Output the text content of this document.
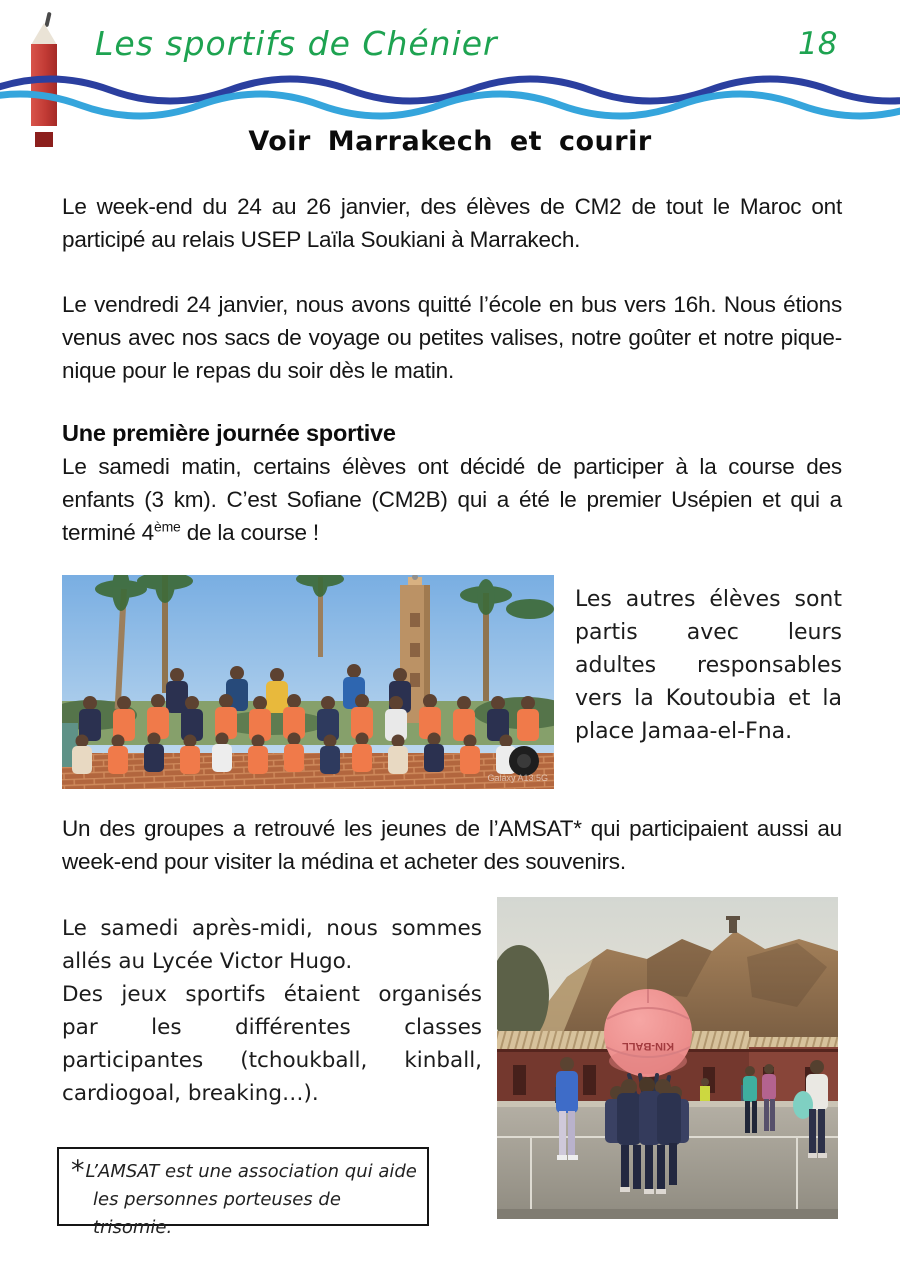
Les sportifs de Chénier	18
Voir Marrakech et courir
Le week-end du 24 au 26 janvier, des élèves de CM2 de tout le Maroc ont participé au relais USEP Laïla Soukiani à Marrakech.
Le vendredi 24 janvier, nous avons quitté l’école en bus vers 16h. Nous étions venus avec nos sacs de voyage ou petites valises, notre goûter et notre pique-nique pour le repas du soir dès le matin.
Une première journée sportive
Le samedi matin, certains élèves ont décidé de participer à la course des enfants (3 km). C’est Sofiane (CM2B) qui a été le premier Usépien et qui a terminé 4ème de la course !
Galaxy A13 5G
Les autres élèves sont
partis avec leurs
adultes responsables
vers la Koutoubia et la
place Jamaa-el-Fna.
Un des groupes a retrouvé les jeunes de l’AMSAT* qui participaient aussi au week-end pour visiter la médina et acheter des souvenirs.
Le samedi après-midi, nous sommes
allés au Lycée Victor Hugo.
Des jeux sportifs étaient organisés
par les différentes classes
participantes (tchoukball, kinball,
cardiogoal, breaking…).
KIN-BALL
*L’AMSAT est une association qui aide
les personnes porteuses de trisomie.
